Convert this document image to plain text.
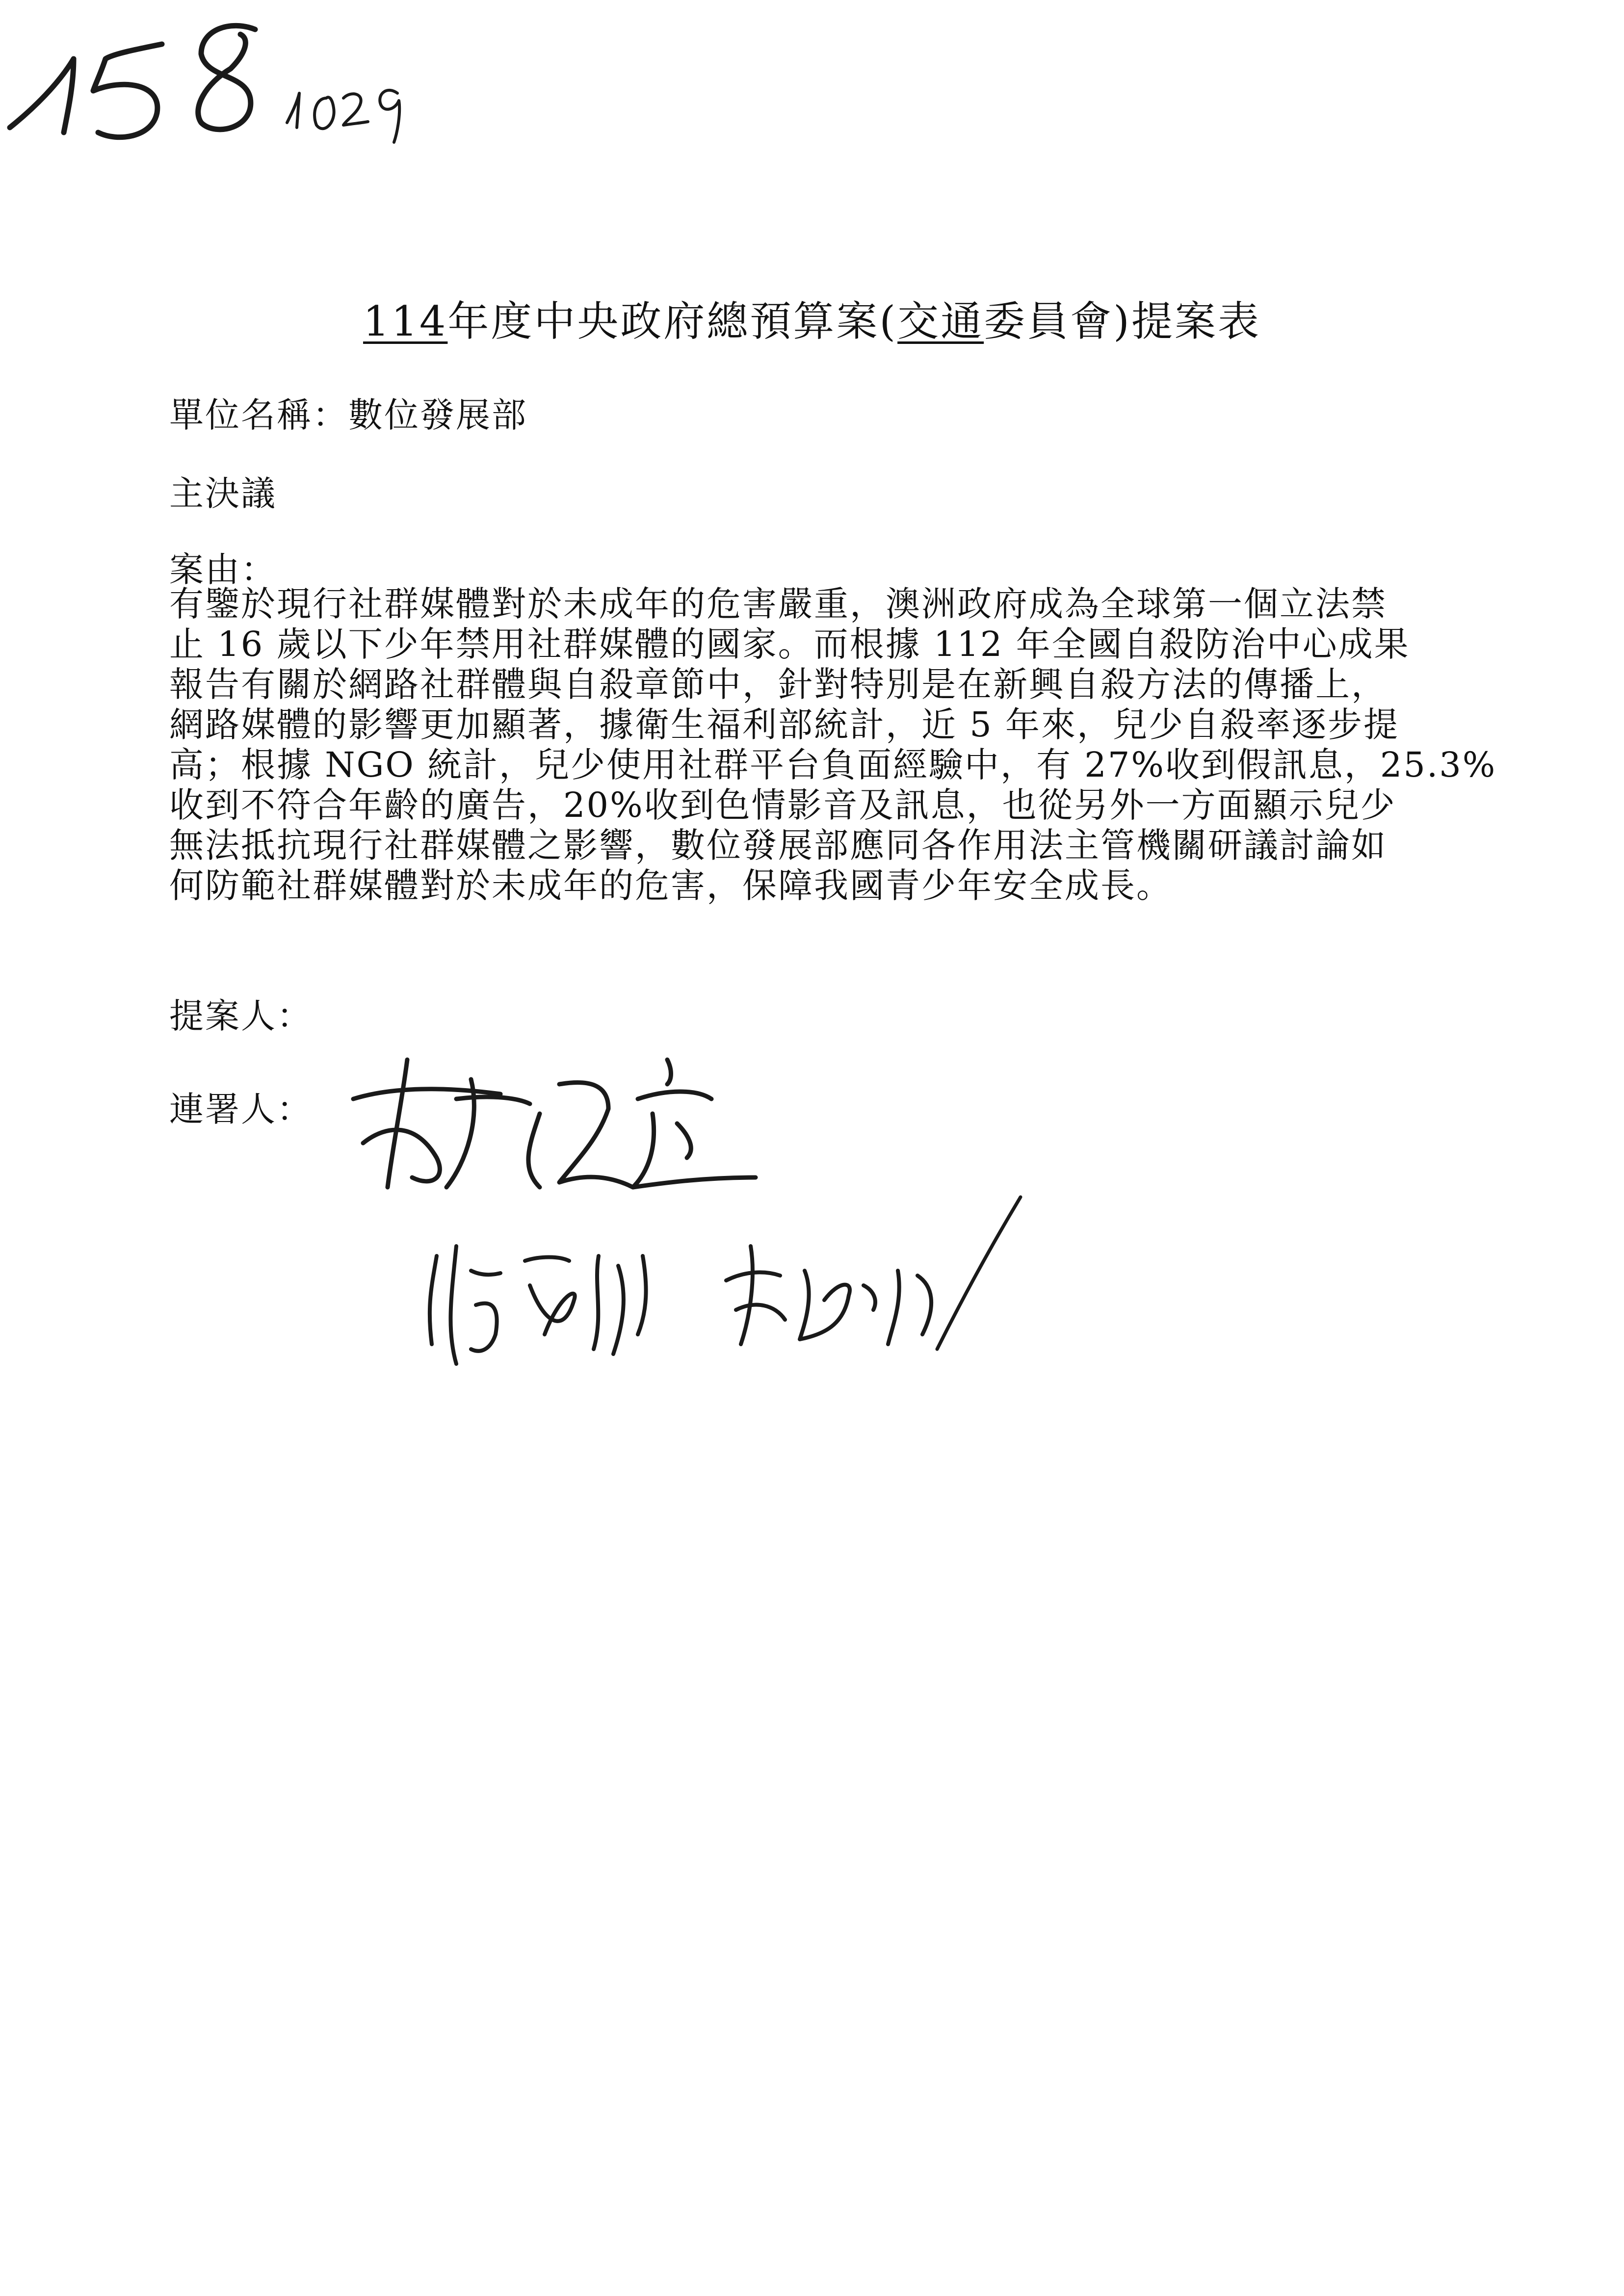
114年度中央政府總預算案(交通委員會)提案表
單位名稱：數位發展部
主決議
案由：
有鑒於現行社群媒體對於未成年的危害嚴重，澳洲政府成為全球第一個立法禁
止 16 歲以下少年禁用社群媒體的國家。而根據 112 年全國自殺防治中心成果
報告有關於網路社群體與自殺章節中，針對特別是在新興自殺方法的傳播上，
網路媒體的影響更加顯著，據衛生福利部統計，近 5 年來，兒少自殺率逐步提
高；根據 NGO 統計，兒少使用社群平台負面經驗中，有 27%收到假訊息，25.3%
收到不符合年齡的廣告，20%收到色情影音及訊息，也從另外一方面顯示兒少
無法抵抗現行社群媒體之影響，數位發展部應同各作用法主管機關研議討論如
何防範社群媒體對於未成年的危害，保障我國青少年安全成長。
提案人：
連署人：
